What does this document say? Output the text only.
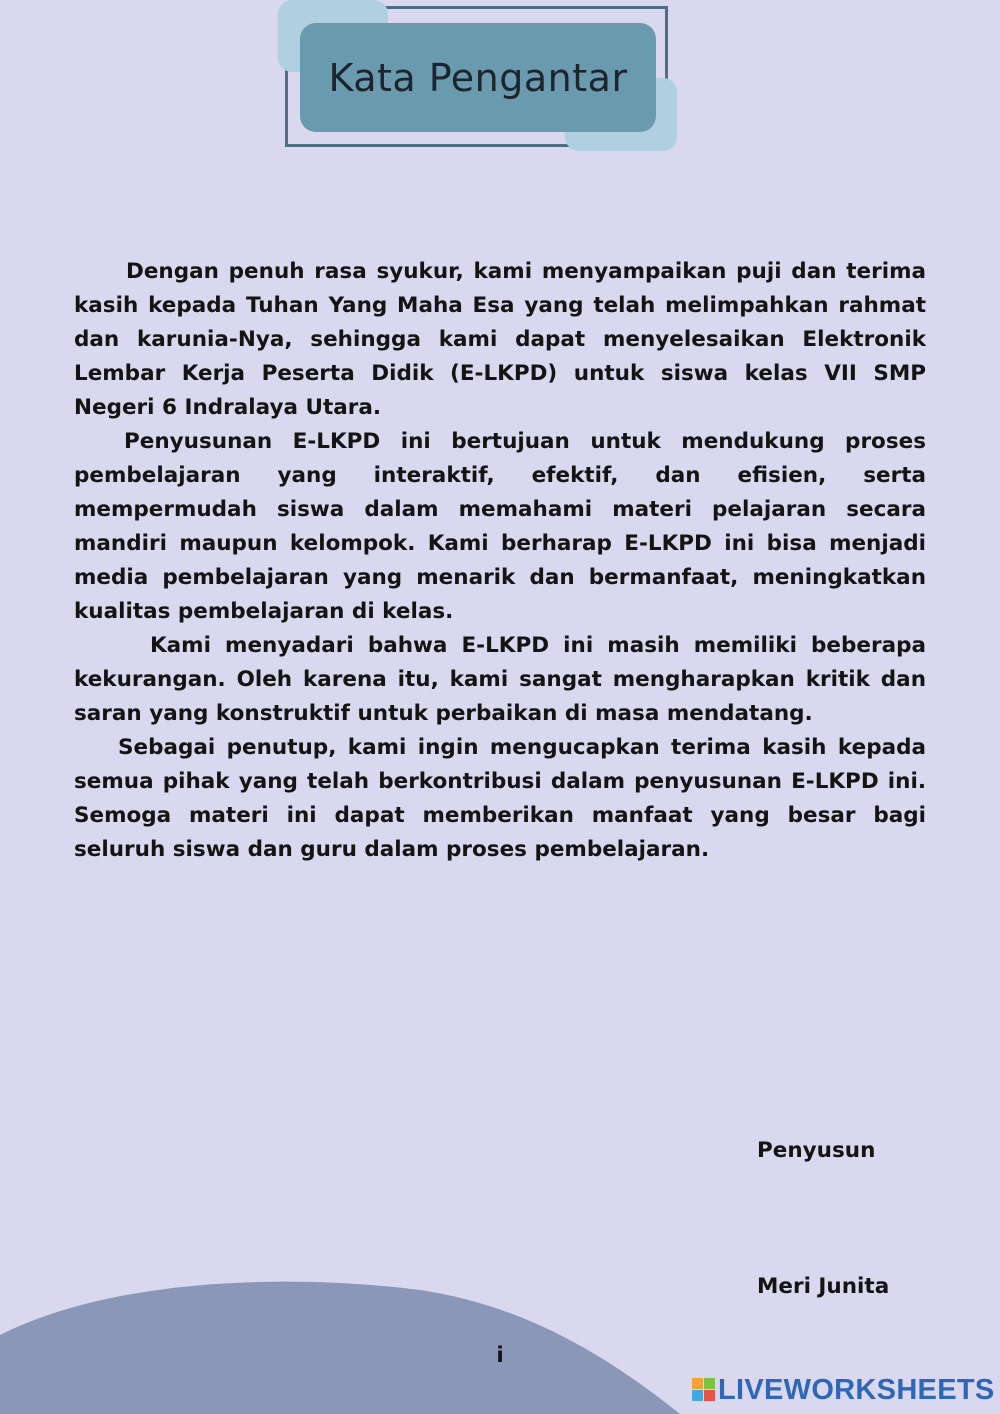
Kata Pengantar

Dengan penuh rasa syukur, kami menyampaikan puji dan terima kasih kepada Tuhan Yang Maha Esa yang telah melimpahkan rahmat dan karunia-Nya, sehingga kami dapat menyelesaikan Elektronik Lembar Kerja Peserta Didik (E-LKPD) untuk siswa kelas VII SMP Negeri 6 Indralaya Utara.

Penyusunan E-LKPD ini bertujuan untuk mendukung proses pembelajaran yang interaktif, efektif, dan efisien, serta mempermudah siswa dalam memahami materi pelajaran secara mandiri maupun kelompok. Kami berharap E-LKPD ini bisa menjadi media pembelajaran yang menarik dan bermanfaat, meningkatkan kualitas pembelajaran di kelas.

Kami menyadari bahwa E-LKPD ini masih memiliki beberapa kekurangan. Oleh karena itu, kami sangat mengharapkan kritik dan saran yang konstruktif untuk perbaikan di masa mendatang.

Sebagai penutup, kami ingin mengucapkan terima kasih kepada semua pihak yang telah berkontribusi dalam penyusunan E-LKPD ini. Semoga materi ini dapat memberikan manfaat yang besar bagi seluruh siswa dan guru dalam proses pembelajaran.

Penyusun
Meri Junita
i
LIVEWORKSHEETS
